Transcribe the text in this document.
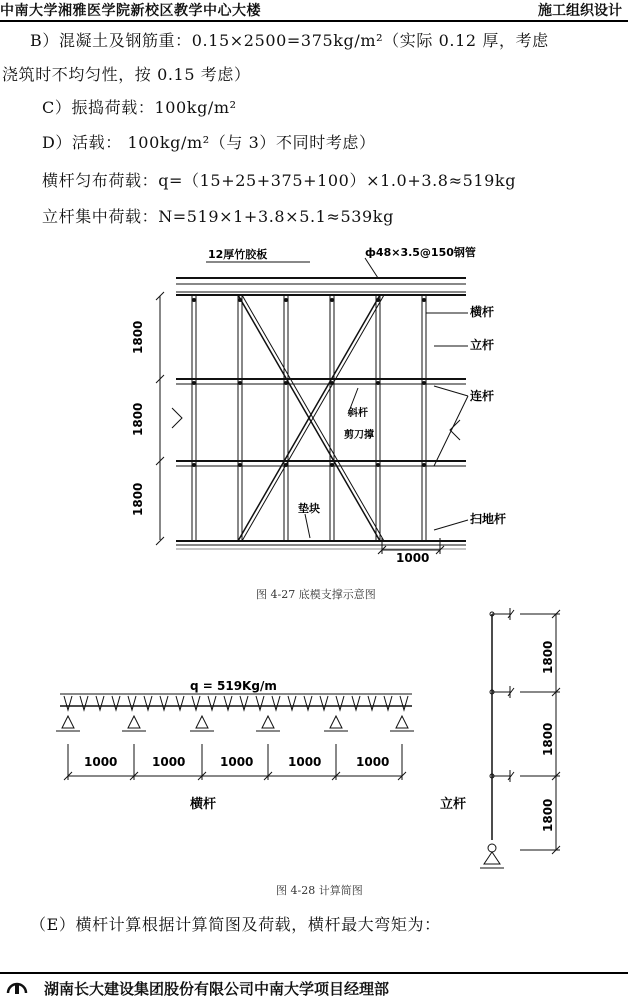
中南大学湘雅医学院新校区教学中心大楼	施工组织设计
B）混凝土及钢筋重：0.15×2500=375kg/m²（实际 0.12 厚，考虑
浇筑时不均匀性，按 0.15 考虑）
C）振捣荷载：100kg/m²
D）活载： 100kg/m²（与 3）不同时考虑）
横杆匀布荷载：q=（15+25+375+100）×1.0+3.8≈519kg
立杆集中荷载：N=519×1+3.8×5.1≈539kg
12厚竹胶板	ф48×3.5@150钢管
横杆
立杆
连杆
斜杆
剪刀撑
垫块
扫地杆
1800
1800
1800
1000
图 4-27 底模支撑示意图
q = 519Kg/m
1000	1000	1000	1000	1000
横杆	立杆
1800
1800
1800
图 4-28 计算简图
（E）横杆计算根据计算简图及荷载，横杆最大弯矩为：
湖南长大建设集团股份有限公司中南大学项目经理部
